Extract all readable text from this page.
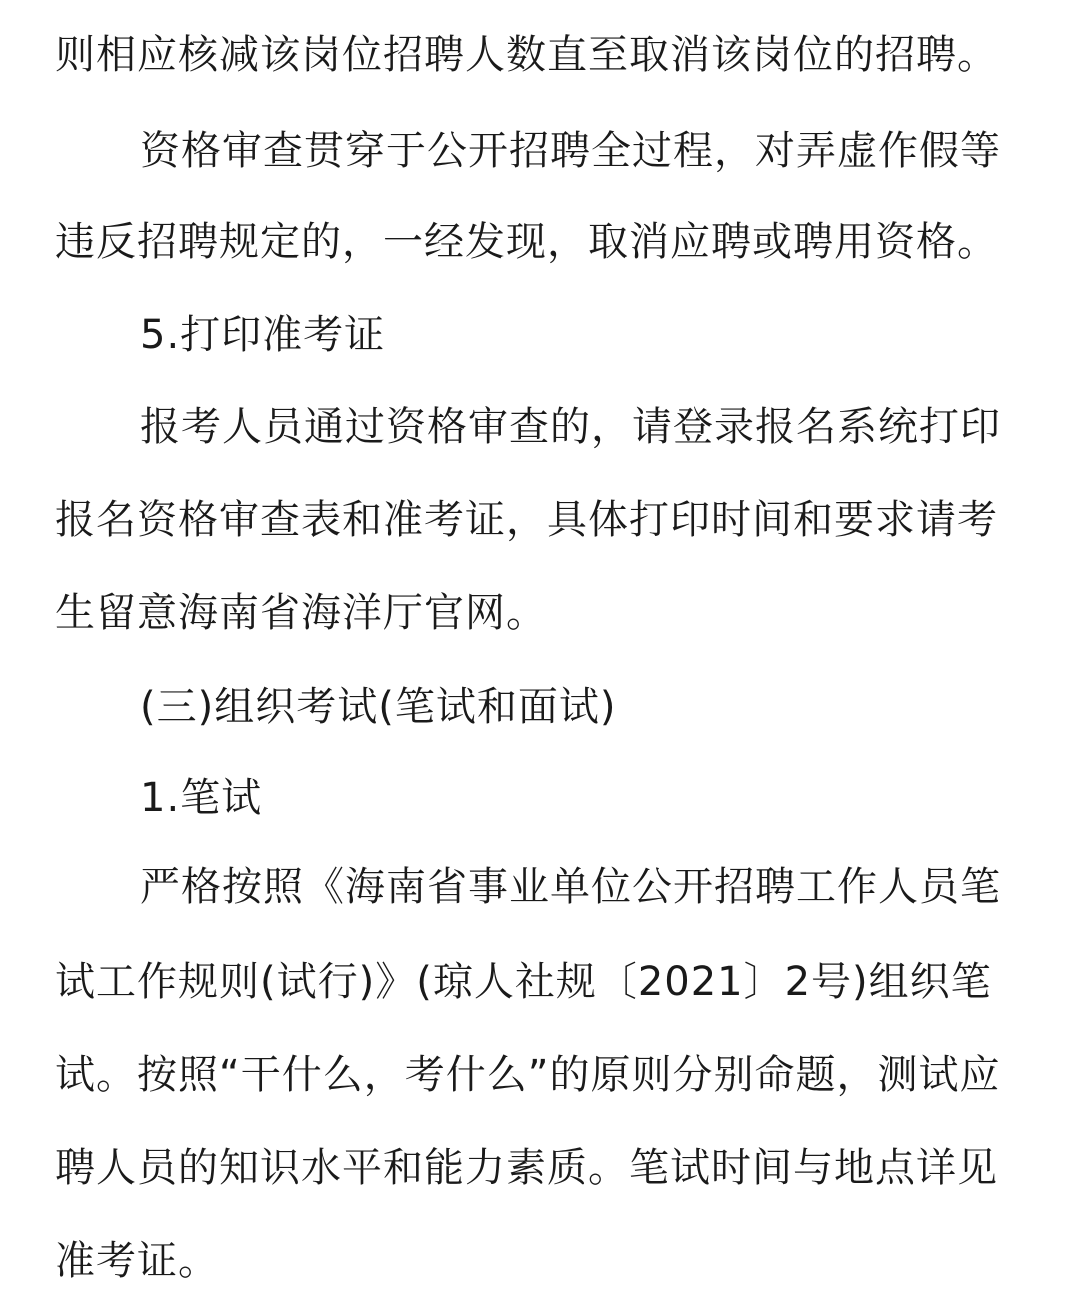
则相应核减该岗位招聘人数直至取消该岗位的招聘。
资格审查贯穿于公开招聘全过程，对弄虚作假等
违反招聘规定的，一经发现，取消应聘或聘用资格。
5.打印准考证
报考人员通过资格审查的，请登录报名系统打印
报名资格审查表和准考证，具体打印时间和要求请考
生留意海南省海洋厅官网。
(三)组织考试(笔试和面试)
1.笔试
严格按照《海南省事业单位公开招聘工作人员笔
试工作规则(试行)》(琼人社规〔2021〕2号)组织笔
试。按照“干什么，考什么”的原则分别命题，测试应
聘人员的知识水平和能力素质。笔试时间与地点详见
准考证。
